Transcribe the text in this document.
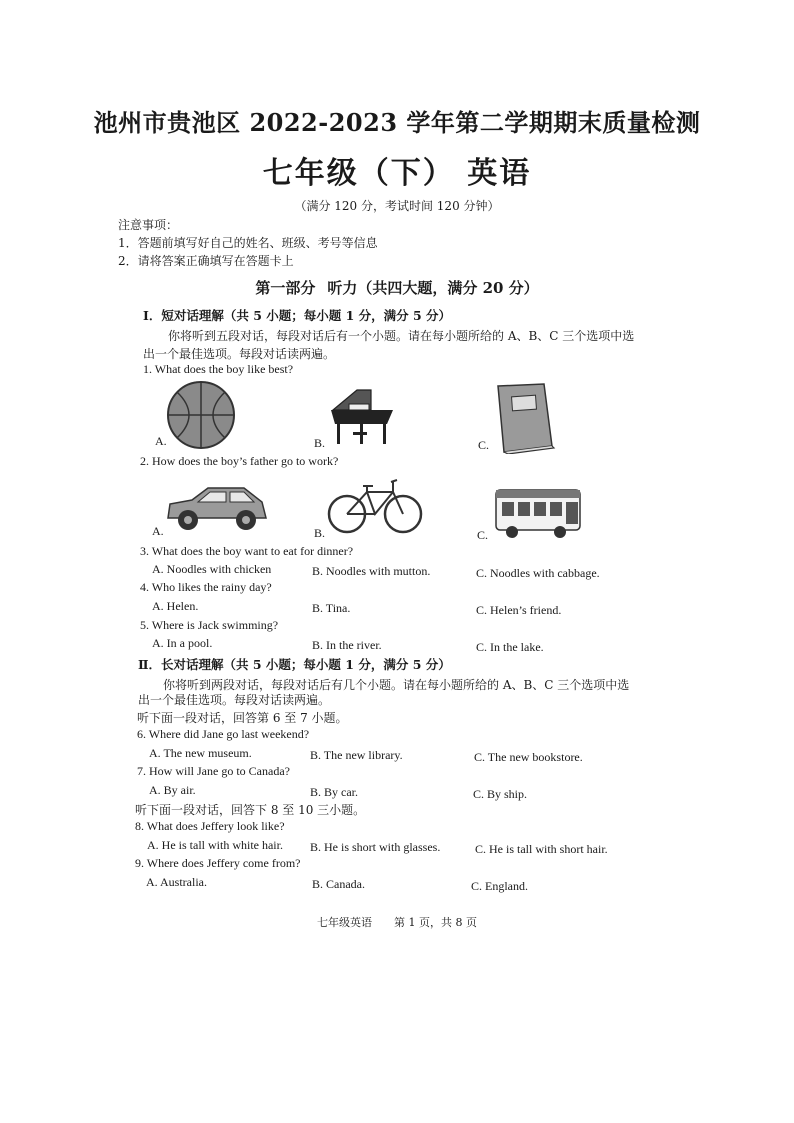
池州市贵池区 2022-2023 学年第二学期期末质量检测
七年级（下） 英语
（满分 120 分，考试时间 120 分钟）
注意事项：
1．答题前填写好自己的姓名、班级、考号等信息
2．请将答案正确填写在答题卡上
第一部分 听力（共四大题，满分 20 分）
Ⅰ．短对话理解（共 5 小题；每小题 1 分，满分 5 分）
你将听到五段对话，每段对话后有一个小题。请在每小题所给的 A、B、C 三个选项中选
出一个最佳选项。每段对话读两遍。
1. What does the boy like best?
A.	B.	C.
2. How does the boy’s father go to work?
A.	B.	C.
3. What does the boy want to eat for dinner?
A. Noodles with chicken	B. Noodles with mutton.	C. Noodles with cabbage.
4. Who likes the rainy day?
A. Helen.	B. Tina.	C. Helen’s friend.
5. Where is Jack swimming?
A. In a pool.	B. In the river.	C. In the lake.
Ⅱ．长对话理解（共 5 小题；每小题 1 分，满分 5 分）
你将听到两段对话，每段对话后有几个小题。请在每小题所给的 A、B、C 三个选项中选
出一个最佳选项。每段对话读两遍。
听下面一段对话，回答第 6 至 7 小题。
6. Where did Jane go last weekend?
A. The new museum.	B. The new library.	C. The new bookstore.
7. How will Jane go to Canada?
A. By air.	B. By car.	C. By ship.
听下面一段对话，回答下 8 至 10 三小题。
8. What does Jeffery look like?
A. He is tall with white hair. B. He is short with glasses.	C. He is tall with short hair.
9. Where does Jeffery come from?
A. Australia.	B. Canada.	C. England.
七年级英语　　第 1 页，共 8 页
